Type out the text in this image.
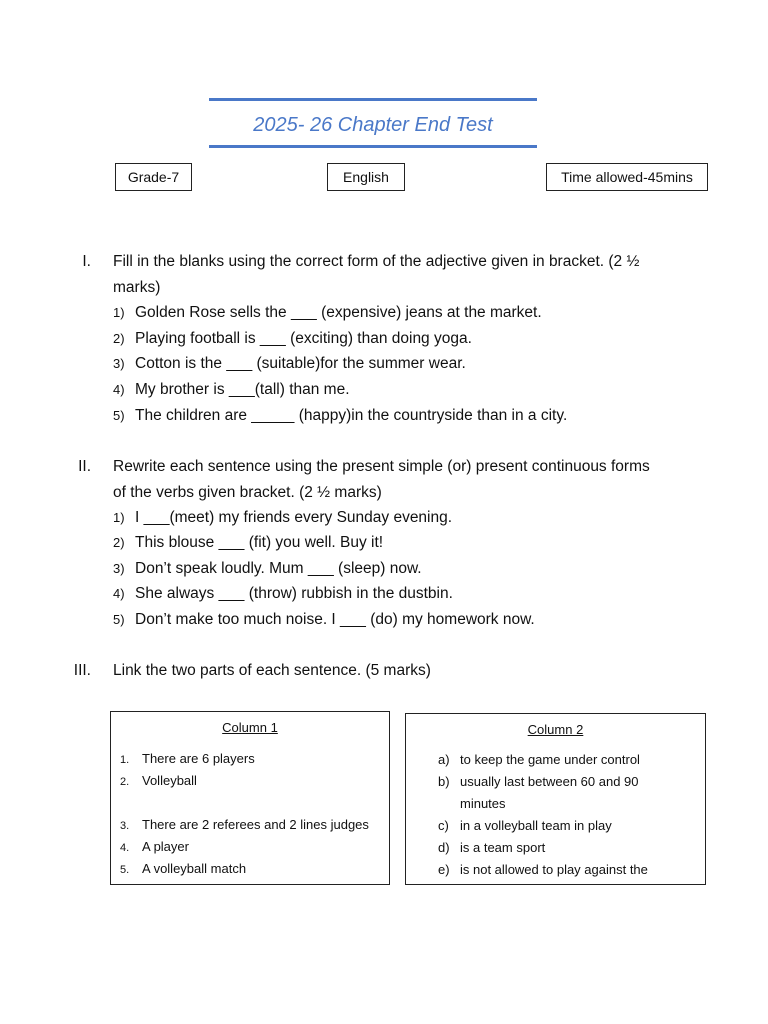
2025- 26 Chapter End Test
Grade-7	English	Time allowed-45mins
I. Fill in the blanks using the correct form of the adjective given in bracket. (2 ½
marks)
1) Golden Rose sells the ___ (expensive) jeans at the market.
2) Playing football is ___ (exciting) than doing yoga.
3) Cotton is the ___ (suitable)for the summer wear.
4) My brother is ___(tall) than me.
5) The children are _____ (happy)in the countryside than in a city.
II. Rewrite each sentence using the present simple (or) present continuous forms
of the verbs given bracket. (2 ½ marks)
1) I ___(meet) my friends every Sunday evening.
2) This blouse ___ (fit) you well. Buy it!
3) Don’t speak loudly. Mum ___ (sleep) now.
4) She always ___ (throw) rubbish in the dustbin.
5) Don’t make too much noise. I ___ (do) my homework now.
III. Link the two parts of each sentence. (5 marks)
Column 1
1. There are 6 players
2. Volleyball
3. There are 2 referees and 2 lines judges
4. A player
5. A volleyball match
Column 2
a) to keep the game under control
b) usually last between 60 and 90
minutes
c) in a volleyball team in play
d) is a team sport
e) is not allowed to play against the
